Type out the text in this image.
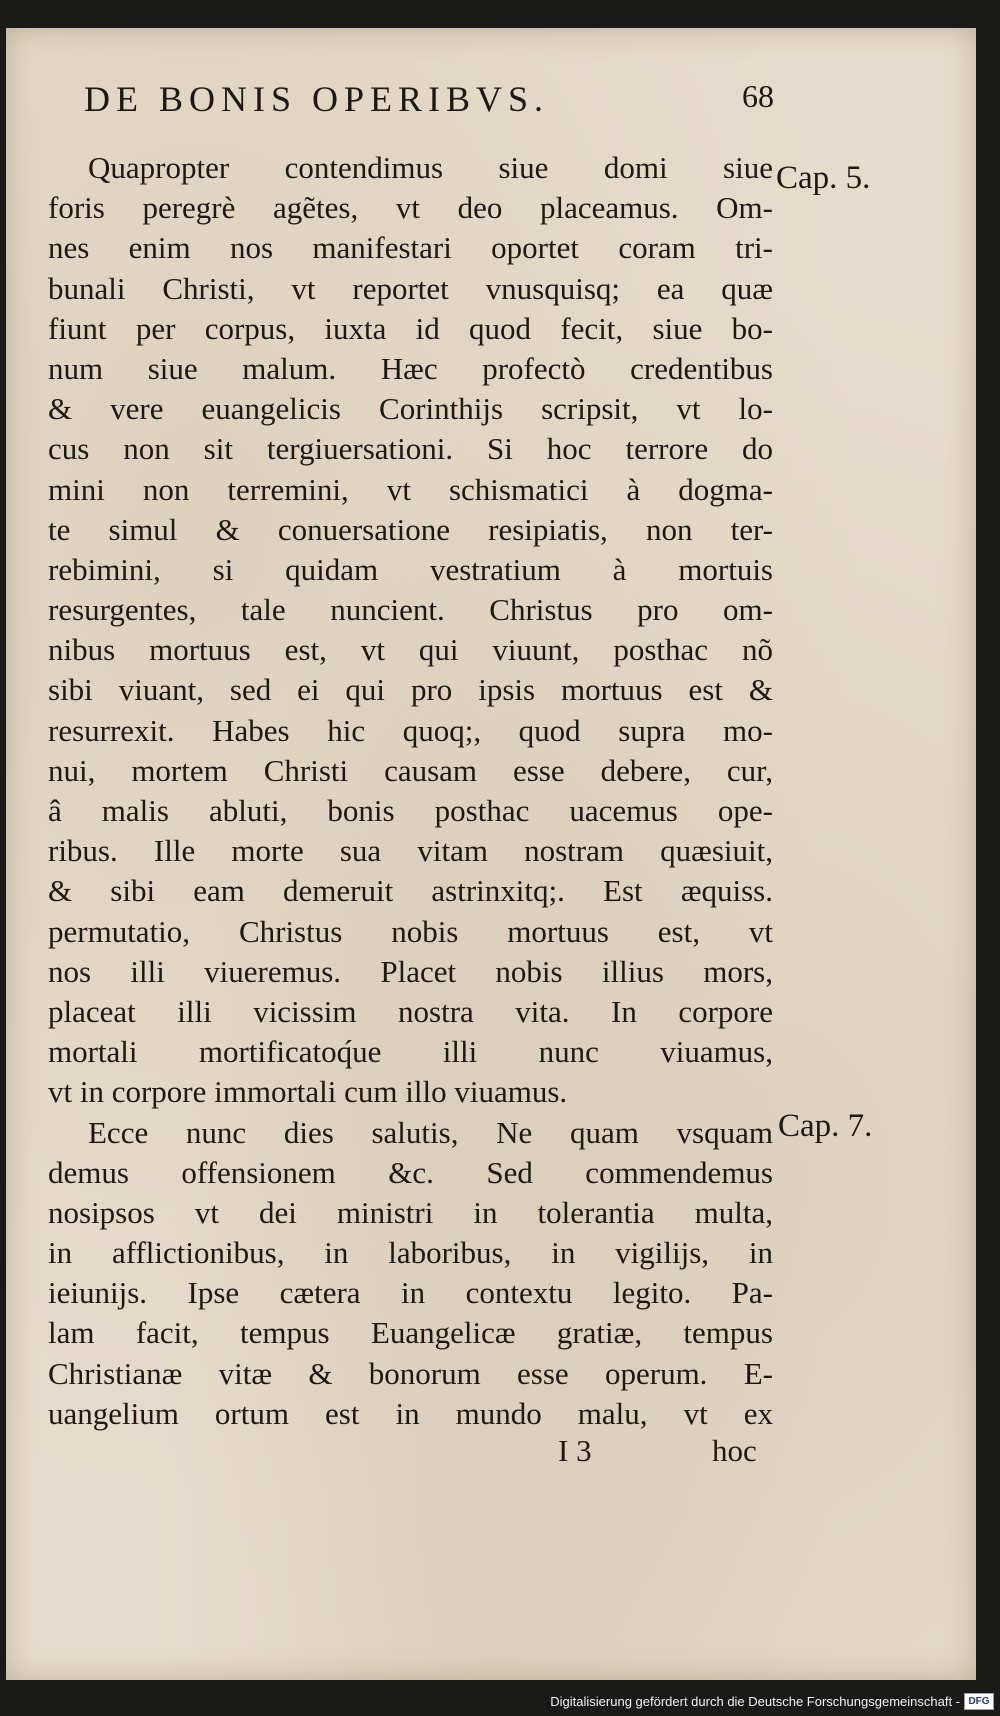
DE BONIS OPERIBVS.	68
Cap. 5.
Cap. 7.
Quapropter contendimus siue domi siue
foris peregrè agẽtes, vt deo placeamus. Om-
nes enim nos manifestari oportet coram tri-
bunali Christi, vt reportet vnusquisq; ea quæ
fiunt per corpus, iuxta id quod fecit, siue bo-
num siue malum. Hæc profectò credentibus
& vere euangelicis Corinthijs scripsit, vt lo-
cus non sit tergiuersationi. Si hoc terrore do
mini non terremini, vt schismatici à dogma-
te simul & conuersatione resipiatis, non ter-
rebimini, si quidam vestratium à mortuis
resurgentes, tale nuncient. Christus pro om-
nibus mortuus est, vt qui viuunt, posthac nõ
sibi viuant, sed ei qui pro ipsis mortuus est &
resurrexit. Habes hic quoq;, quod supra mo-
nui, mortem Christi causam esse debere, cur,
â malis abluti, bonis posthac uacemus ope-
ribus. Ille morte sua vitam nostram quæsiuit,
& sibi eam demeruit astrinxitq;. Est æquiss.
permutatio, Christus nobis mortuus est, vt
nos illi viueremus. Placet nobis illius mors,
placeat illi vicissim nostra vita. In corpore
mortali mortificatoq́ue illi nunc viuamus,
vt in corpore immortali cum illo viuamus.
Ecce nunc dies salutis, Ne quam vsquam
demus offensionem &c. Sed commendemus
nosipsos vt dei ministri in tolerantia multa,
in afflictionibus, in laboribus, in vigilijs, in
ieiunijs. Ipse cætera in contextu legito. Pa-
lam facit, tempus Euangelicæ gratiæ, tempus
Christianæ vitæ & bonorum esse operum. E-
uangelium ortum est in mundo malu, vt ex
I 3	hoc
Digitalisierung gefördert durch die Deutsche Forschungsgemeinschaft - DFG
